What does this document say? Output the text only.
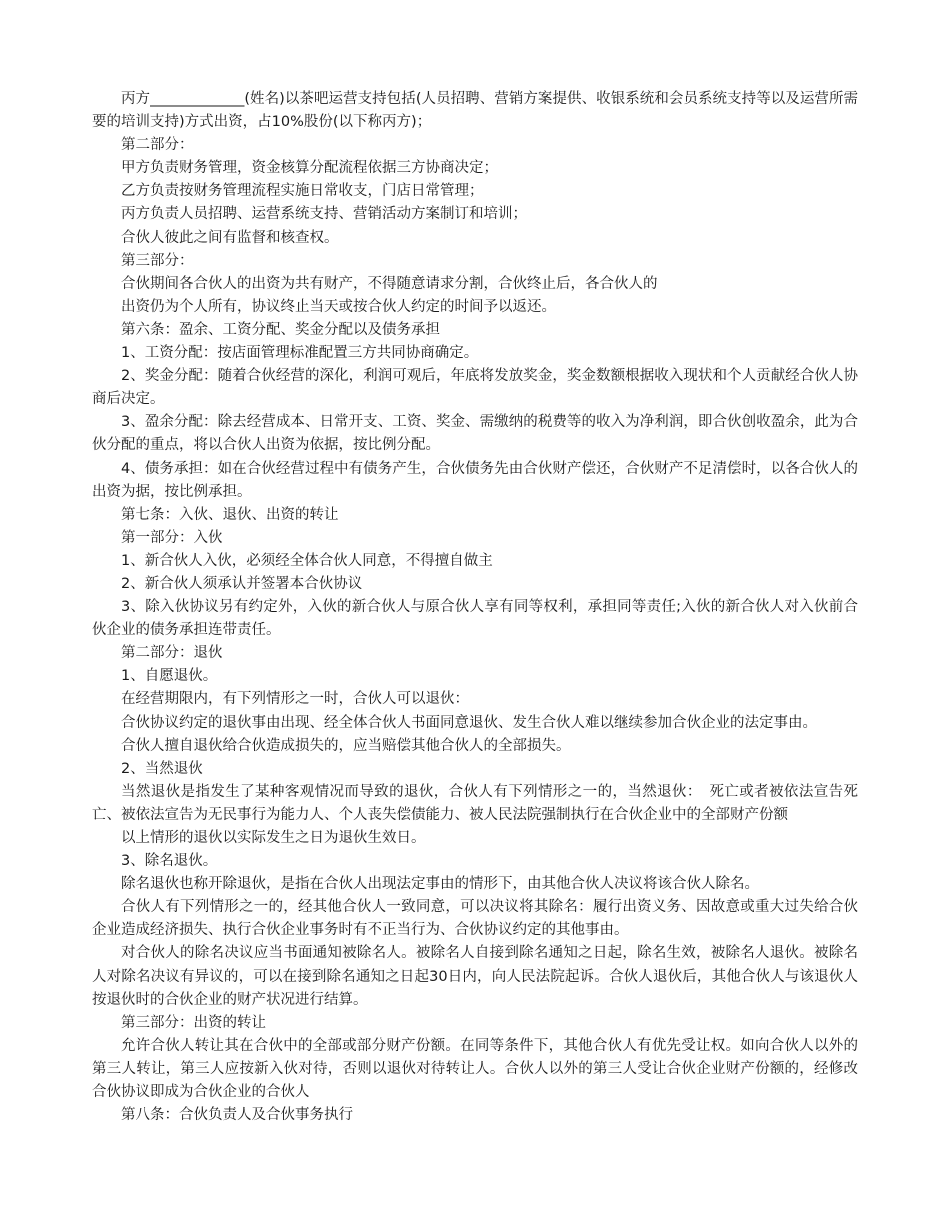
丙方_____________(姓名)以茶吧运营支持包括(人员招聘、营销方案提供、收银系统和会员系统支持等以及运营所需要的培训支持)方式出资，占10%股份(以下称丙方)；

第二部分：

甲方负责财务管理，资金核算分配流程依据三方协商决定；

乙方负责按财务管理流程实施日常收支，门店日常管理；

丙方负责人员招聘、运营系统支持、营销活动方案制订和培训；

合伙人彼此之间有监督和核查权。

第三部分：

合伙期间各合伙人的出资为共有财产，不得随意请求分割，合伙终止后，各合伙人的

出资仍为个人所有，协议终止当天或按合伙人约定的时间予以返还。

第六条：盈余、工资分配、奖金分配以及债务承担

1、工资分配：按店面管理标准配置三方共同协商确定。

2、奖金分配：随着合伙经营的深化，利润可观后，年底将发放奖金，奖金数额根据收入现状和个人贡献经合伙人协商后决定。

3、盈余分配：除去经营成本、日常开支、工资、奖金、需缴纳的税费等的收入为净利润，即合伙创收盈余，此为合伙分配的重点，将以合伙人出资为依据，按比例分配。

4、债务承担：如在合伙经营过程中有债务产生，合伙债务先由合伙财产偿还，合伙财产不足清偿时，以各合伙人的出资为据，按比例承担。

第七条：入伙、退伙、出资的转让

第一部分：入伙

1、新合伙人入伙，必须经全体合伙人同意，不得擅自做主

2、新合伙人须承认并签署本合伙协议

3、除入伙协议另有约定外，入伙的新合伙人与原合伙人享有同等权利，承担同等责任;入伙的新合伙人对入伙前合伙企业的债务承担连带责任。

第二部分：退伙

1、自愿退伙。

在经营期限内，有下列情形之一时，合伙人可以退伙：

合伙协议约定的退伙事由出现、经全体合伙人书面同意退伙、发生合伙人难以继续参加合伙企业的法定事由。

合伙人擅自退伙给合伙造成损失的，应当赔偿其他合伙人的全部损失。

2、当然退伙

当然退伙是指发生了某种客观情况而导致的退伙，合伙人有下列情形之一的，当然退伙：　死亡或者被依法宣告死亡、被依法宣告为无民事行为能力人、个人丧失偿债能力、被人民法院强制执行在合伙企业中的全部财产份额

以上情形的退伙以实际发生之日为退伙生效日。

3、除名退伙。

除名退伙也称开除退伙，是指在合伙人出现法定事由的情形下，由其他合伙人决议将该合伙人除名。

合伙人有下列情形之一的，经其他合伙人一致同意，可以决议将其除名：履行出资义务、因故意或重大过失给合伙企业造成经济损失、执行合伙企业事务时有不正当行为、合伙协议约定的其他事由。

对合伙人的除名决议应当书面通知被除名人。被除名人自接到除名通知之日起，除名生效，被除名人退伙。被除名人对除名决议有异议的，可以在接到除名通知之日起30日内，向人民法院起诉。合伙人退伙后，其他合伙人与该退伙人按退伙时的合伙企业的财产状况进行结算。

第三部分：出资的转让

允许合伙人转让其在合伙中的全部或部分财产份额。在同等条件下，其他合伙人有优先受让权。如向合伙人以外的第三人转让，第三人应按新入伙对待，否则以退伙对待转让人。合伙人以外的第三人受让合伙企业财产份额的，经修改合伙协议即成为合伙企业的合伙人

第八条：合伙负责人及合伙事务执行
